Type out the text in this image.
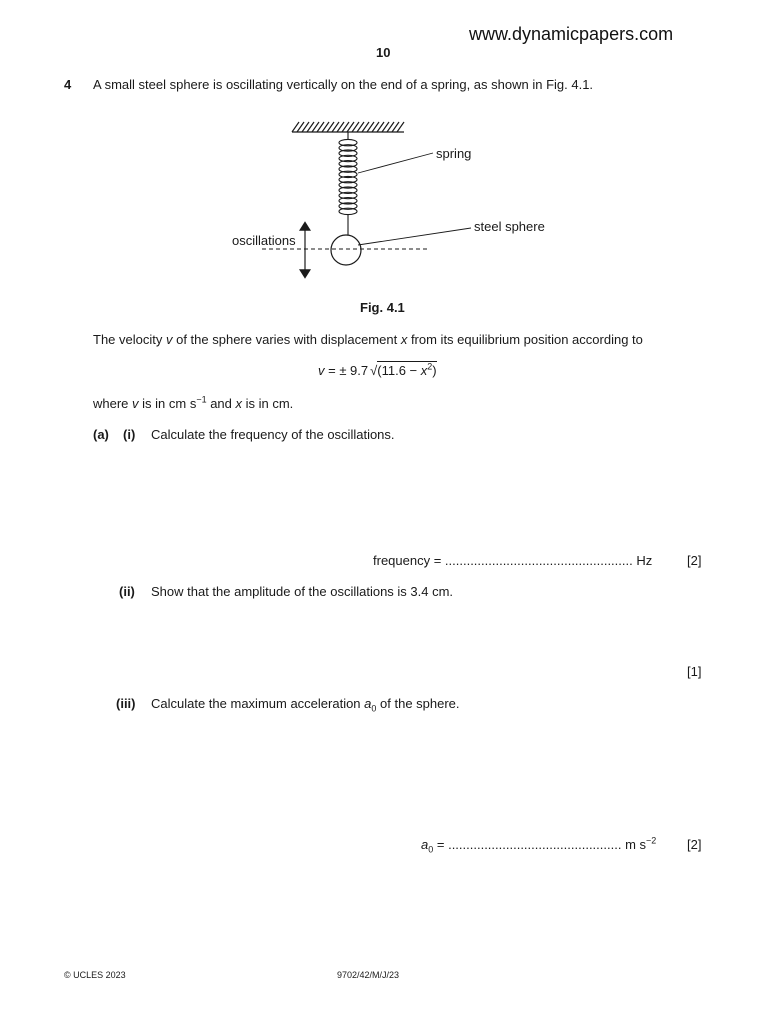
www.dynamicpapers.com
10
4 A small steel sphere is oscillating vertically on the end of a spring, as shown in Fig. 4.1.
spring
steel sphere
oscillations
Fig. 4.1
The velocity v of the sphere varies with displacement x from its equilibrium position according to
v = ± 9.7 $√(11.6 - x^2)$
where v is in cm $s^{-1}$ and x is in cm.
(a) (i) Calculate the frequency of the oscillations.
frequency = .................................................... Hz	[2]
(ii) Show that the amplitude of the oscillations is 3.4 cm.
[1]
(iii) Calculate the maximum acceleration $a_0$ of the sphere.
$a_0$ = ................................................ m $s^{-2}$ [2]
© UCLES 2023	9702/42/M/J/23
